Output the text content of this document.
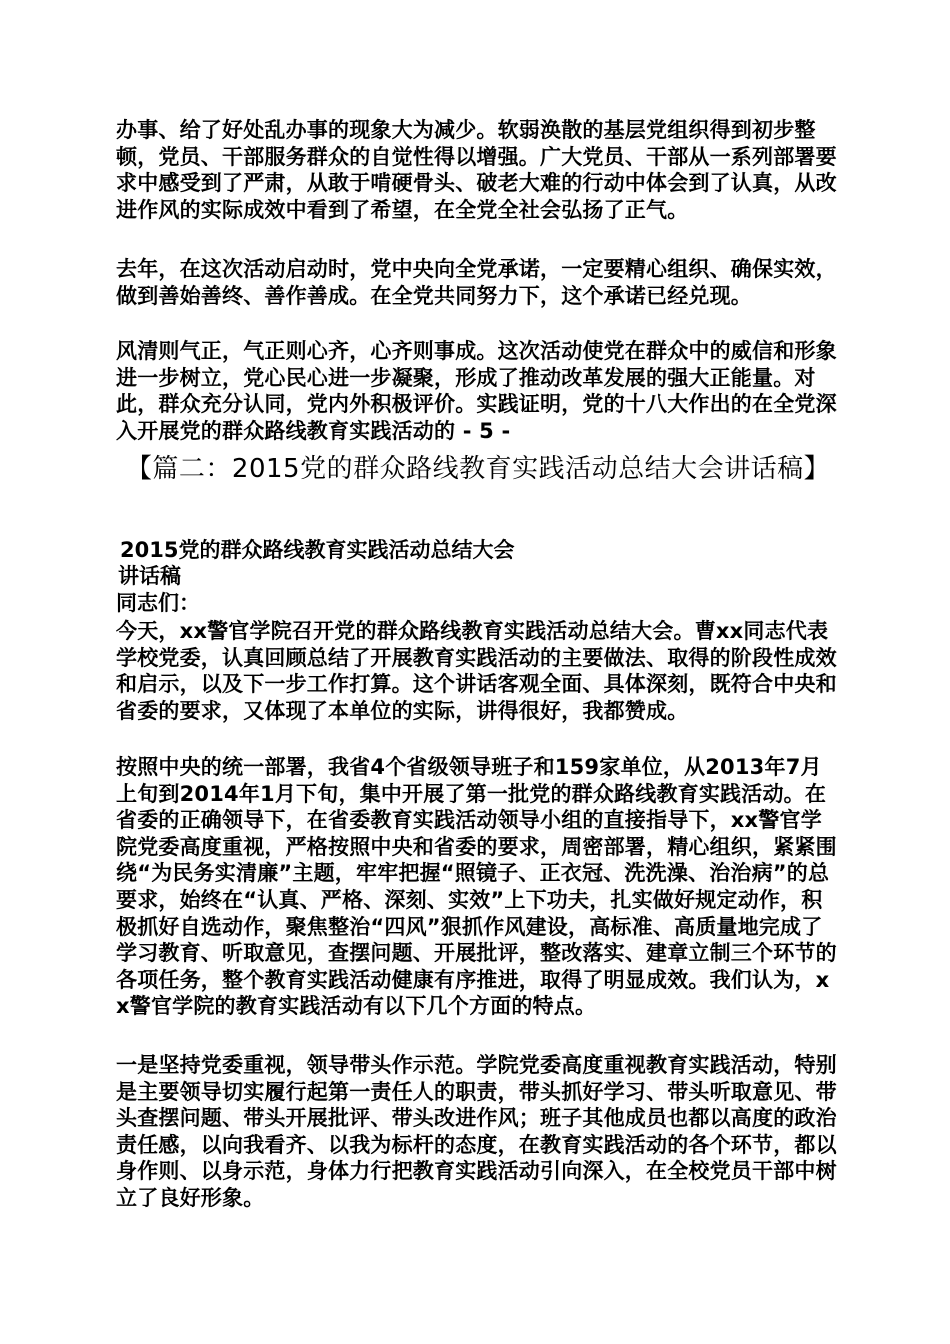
办事、给了好处乱办事的现象大为减少。软弱涣散的基层党组织得到初步整顿，党员、干部服务群众的自觉性得以增强。广大党员、干部从一系列部署要求中感受到了严肃，从敢于啃硬骨头、破老大难的行动中体会到了认真，从改进作风的实际成效中看到了希望，在全党全社会弘扬了正气。

去年，在这次活动启动时，党中央向全党承诺，一定要精心组织、确保实效，做到善始善终、善作善成。在全党共同努力下，这个承诺已经兑现。

风清则气正，气正则心齐，心齐则事成。这次活动使党在群众中的威信和形象进一步树立，党心民心进一步凝聚，形成了推动改革发展的强大正能量。对此，群众充分认同，党内外积极评价。实践证明，党的十八大作出的在全党深入开展党的群众路线教育实践活动的 - 5 -

【篇二：2015党的群众路线教育实践活动总结大会讲话稿】
2015党的群众路线教育实践活动总结大会
讲话稿
同志们：

今天，xx警官学院召开党的群众路线教育实践活动总结大会。曹xx同志代表学校党委，认真回顾总结了开展教育实践活动的主要做法、取得的阶段性成效和启示，以及下一步工作打算。这个讲话客观全面、具体深刻，既符合中央和省委的要求，又体现了本单位的实际，讲得很好，我都赞成。

按照中央的统一部署，我省4个省级领导班子和159家单位，从2013年7月上旬到2014年1月下旬，集中开展了第一批党的群众路线教育实践活动。在省委的正确领导下，在省委教育实践活动领导小组的直接指导下，xx警官学院党委高度重视，严格按照中央和省委的要求，周密部署，精心组织，紧紧围绕“为民务实清廉”主题，牢牢把握“照镜子、正衣冠、洗洗澡、治治病”的总要求，始终在“认真、严格、深刻、实效”上下功夫，扎实做好规定动作，积极抓好自选动作，聚焦整治“四风”狠抓作风建设，高标准、高质量地完成了学习教育、听取意见，查摆问题、开展批评，整改落实、建章立制三个环节的各项任务，整个教育实践活动健康有序推进，取得了明显成效。我们认为，xx警官学院的教育实践活动有以下几个方面的特点。

一是坚持党委重视，领导带头作示范。学院党委高度重视教育实践活动，特别是主要领导切实履行起第一责任人的职责，带头抓好学习、带头听取意见、带头查摆问题、带头开展批评、带头改进作风；班子其他成员也都以高度的政治责任感，以向我看齐、以我为标杆的态度，在教育实践活动的各个环节，都以身作则、以身示范，身体力行把教育实践活动引向深入，在全校党员干部中树立了良好形象。
